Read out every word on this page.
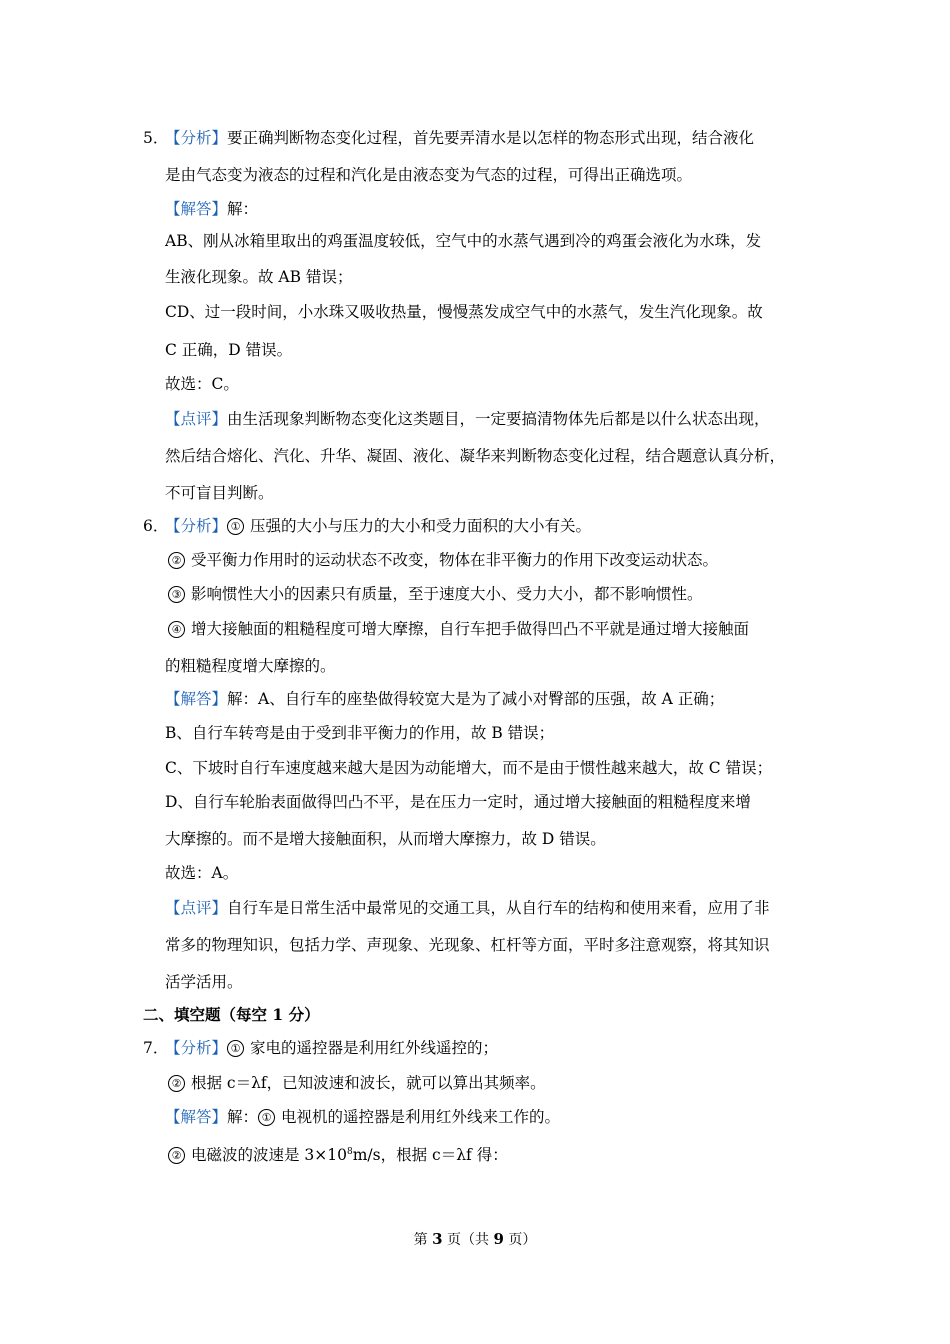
5．
【分析】要正确判断物态变化过程，首先要弄清水是以怎样的物态形式出现，结合液化
是由气态变为液态的过程和汽化是由液态变为气态的过程，可得出正确选项。
【解答】解：
AB、刚从冰箱里取出的鸡蛋温度较低，空气中的水蒸气遇到冷的鸡蛋会液化为水珠，发
生液化现象。故 AB 错误；
CD、过一段时间，小水珠又吸收热量，慢慢蒸发成空气中的水蒸气，发生汽化现象。故
C 正确，D 错误。
故选：C。
【点评】由生活现象判断物态变化这类题目，一定要搞清物体先后都是以什么状态出现，
然后结合熔化、汽化、升华、凝固、液化、凝华来判断物态变化过程，结合题意认真分析，
不可盲目判断。
6．
【分析】 ① 压强的大小与压力的大小和受力面积的大小有关。
② 受平衡力作用时的运动状态不改变，物体在非平衡力的作用下改变运动状态。
③ 影响惯性大小的因素只有质量，至于速度大小、受力大小，都不影响惯性。
④ 增大接触面的粗糙程度可增大摩擦，自行车把手做得凹凸不平就是通过增大接触面
的粗糙程度增大摩擦的。
【解答】解：A、自行车的座垫做得较宽大是为了减小对臀部的压强，故 A 正确；
B、自行车转弯是由于受到非平衡力的作用，故 B 错误；
C、下坡时自行车速度越来越大是因为动能增大，而不是由于惯性越来越大，故 C 错误；
D、自行车轮胎表面做得凹凸不平，是在压力一定时，通过增大接触面的粗糙程度来增
大摩擦的。而不是增大接触面积，从而增大摩擦力，故 D 错误。
故选：A。
【点评】自行车是日常生活中最常见的交通工具，从自行车的结构和使用来看，应用了非
常多的物理知识，包括力学、声现象、光现象、杠杆等方面，平时多注意观察，将其知识
活学活用。
二、填空题（每空 1 分）
7．
【分析】 ① 家电的遥控器是利用红外线遥控的；
② 根据 c＝λf，已知波速和波长，就可以算出其频率。
【解答】解： ① 电视机的遥控器是利用红外线来工作的。
② 电磁波的波速是 $3\times 10^8m/s$，根据 c＝λf 得：
第 3 页（共 9 页）
